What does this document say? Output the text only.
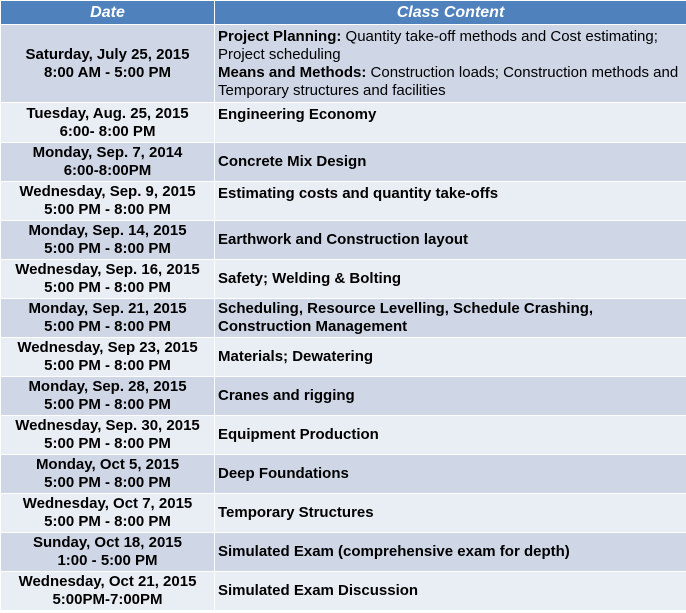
Date	Class Content

Saturday, July 25, 2015
8:00 AM - 5:00 PM	Project Planning: Quantity take-off methods and Cost estimating; Project scheduling
Means and Methods: Construction loads; Construction methods and Temporary structures and facilities

Tuesday, Aug. 25, 2015
6:00- 8:00 PM	Engineering Economy

Monday, Sep. 7, 2014
6:00-8:00PM	Concrete Mix Design

Wednesday, Sep. 9, 2015
5:00 PM - 8:00 PM	Estimating costs and quantity take-offs

Monday, Sep. 14, 2015
5:00 PM - 8:00 PM	Earthwork and Construction layout

Wednesday, Sep. 16, 2015
5:00 PM - 8:00 PM	Safety; Welding & Bolting

Monday, Sep. 21, 2015
5:00 PM - 8:00 PM	Scheduling, Resource Levelling, Schedule Crashing, Construction Management

Wednesday, Sep 23, 2015
5:00 PM - 8:00 PM	Materials; Dewatering

Monday, Sep. 28, 2015
5:00 PM - 8:00 PM	Cranes and rigging

Wednesday, Sep. 30, 2015
5:00 PM - 8:00 PM	Equipment Production

Monday, Oct 5, 2015
5:00 PM - 8:00 PM	Deep Foundations

Wednesday, Oct 7, 2015
5:00 PM - 8:00 PM	Temporary Structures

Sunday, Oct 18, 2015
1:00 - 5:00 PM	Simulated Exam (comprehensive exam for depth)

Wednesday, Oct 21, 2015
5:00PM-7:00PM	Simulated Exam Discussion
